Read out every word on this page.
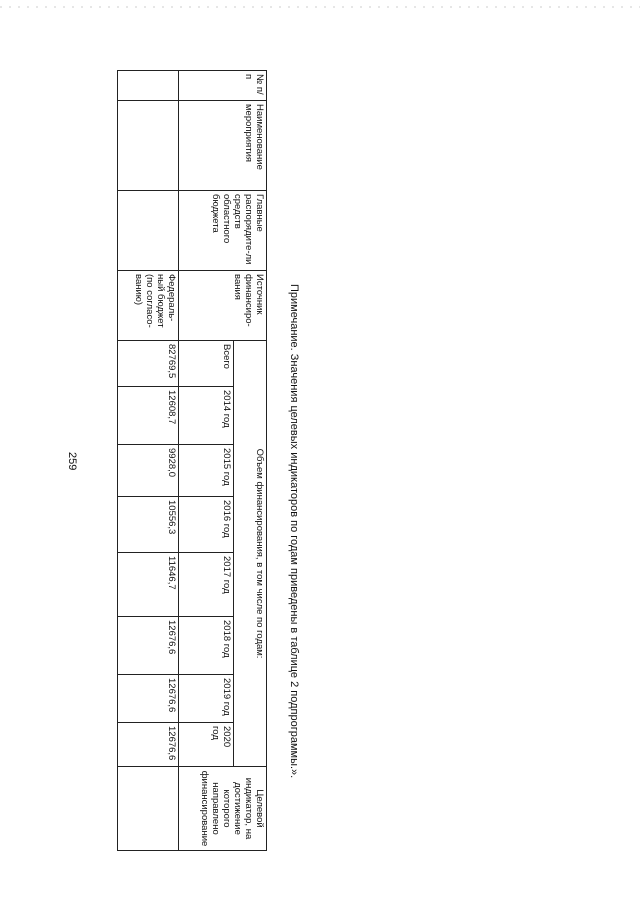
259
№ п/п	Наименование мероприятия	Главные распорядите-ли средств областного бюджета	Источник финансиро-вания	Объем финансирования, в том числе по годам:								Целевой индикатор, на достижение которого направлено финансирование
				Всего	2014 год	2015 год	2016 год	2017 год	2018 год	2019 год	2020 год	
			Федераль-ный бюджет (по согласо-ванию)	82769,5	12608,7	9928,0	10556,3	11646,7	12676,6	12676,6	12676,6		Примечание. Значения целевых индикаторов по годам приведены в таблице 2 подпрограммы.».
